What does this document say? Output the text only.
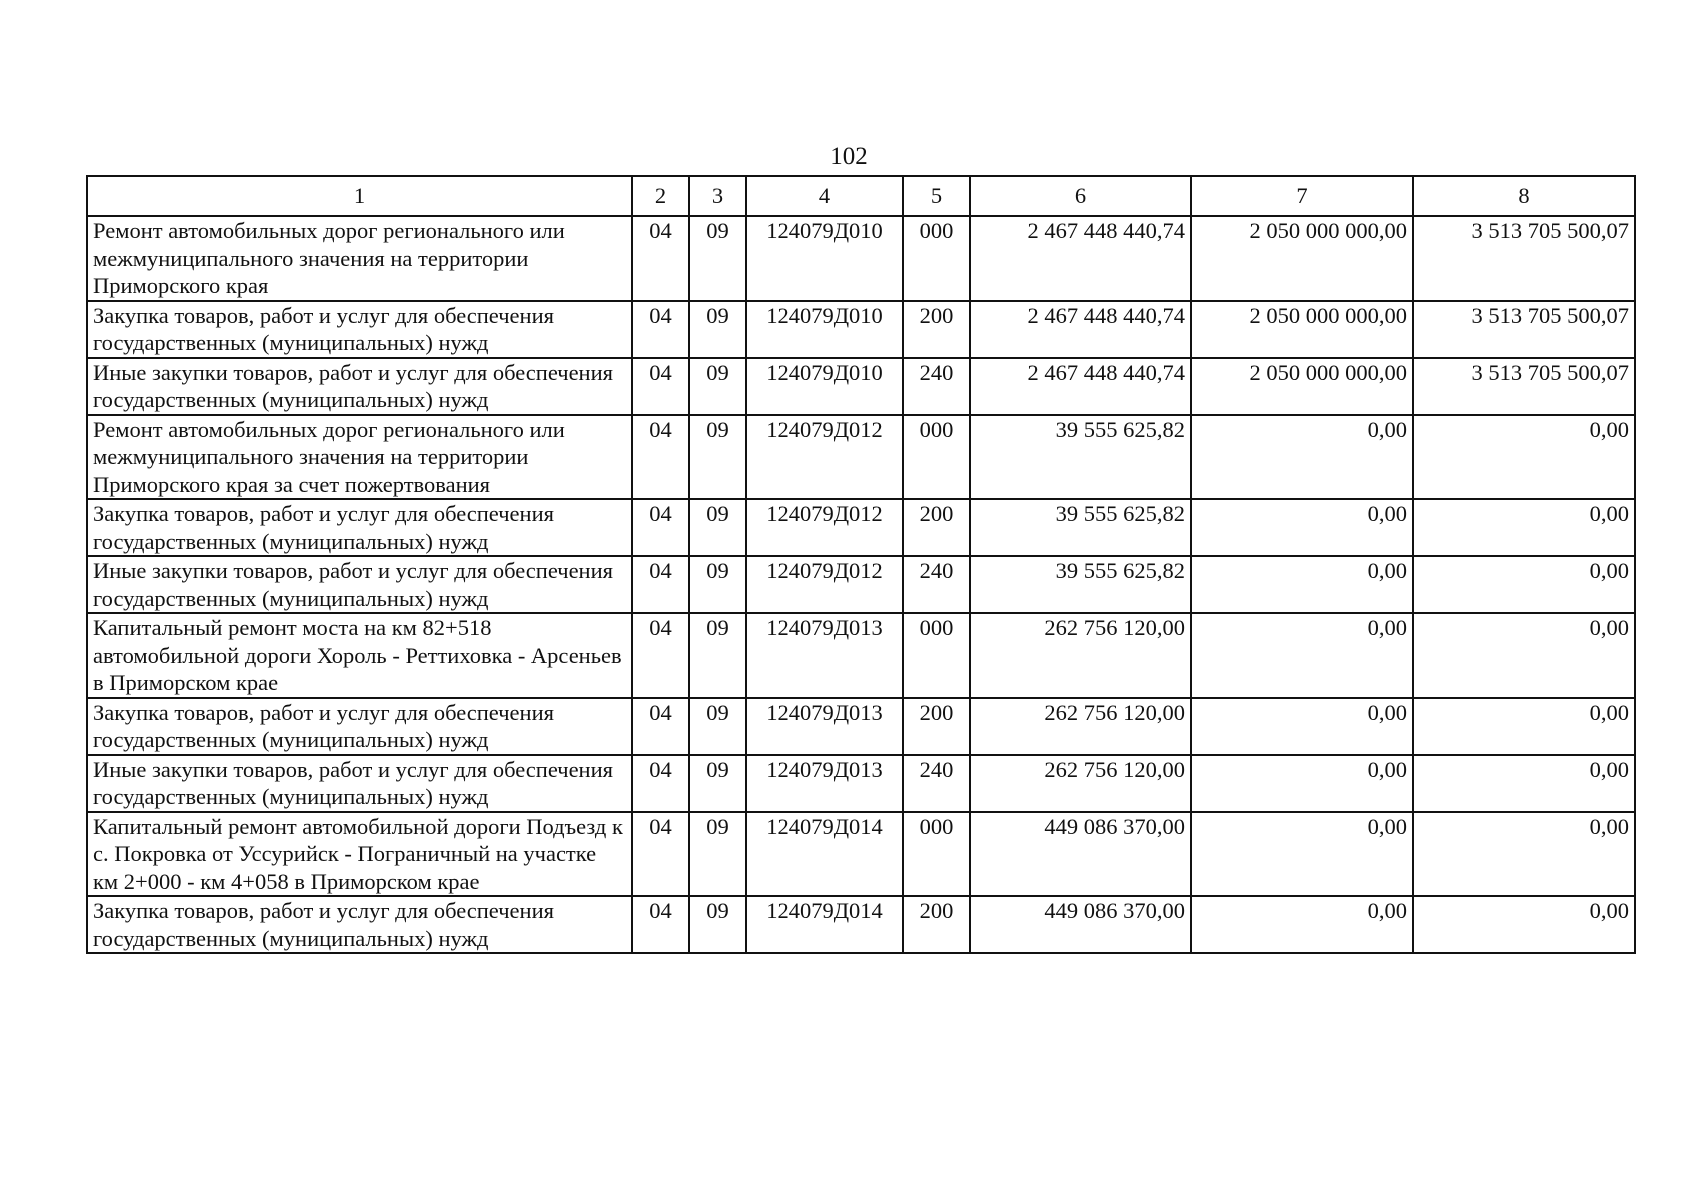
102
1	2	3	4	5	6	7	8
Ремонт автомобильных дорог регионального или межмуниципального значения на территории Приморского края	04	09	124079Д010	000	2 467 448 440,74	2 050 000 000,00	3 513 705 500,07
Закупка товаров, работ и услуг для обеспечения государственных (муниципальных) нужд	04	09	124079Д010	200	2 467 448 440,74	2 050 000 000,00	3 513 705 500,07
Иные закупки товаров, работ и услуг для обеспечения государственных (муниципальных) нужд	04	09	124079Д010	240	2 467 448 440,74	2 050 000 000,00	3 513 705 500,07
Ремонт автомобильных дорог регионального или межмуниципального значения на территории Приморского края за счет пожертвования	04	09	124079Д012	000	39 555 625,82	0,00	0,00
Закупка товаров, работ и услуг для обеспечения государственных (муниципальных) нужд	04	09	124079Д012	200	39 555 625,82	0,00	0,00
Иные закупки товаров, работ и услуг для обеспечения государственных (муниципальных) нужд	04	09	124079Д012	240	39 555 625,82	0,00	0,00
Капитальный ремонт моста на км 82+518 автомобильной дороги Хороль - Реттиховка - Арсеньев в Приморском крае	04	09	124079Д013	000	262 756 120,00	0,00	0,00
Закупка товаров, работ и услуг для обеспечения государственных (муниципальных) нужд	04	09	124079Д013	200	262 756 120,00	0,00	0,00
Иные закупки товаров, работ и услуг для обеспечения государственных (муниципальных) нужд	04	09	124079Д013	240	262 756 120,00	0,00	0,00
Капитальный ремонт автомобильной дороги Подъезд к с. Покровка от Уссурийск - Пограничный на участке км 2+000 - км 4+058 в Приморском крае	04	09	124079Д014	000	449 086 370,00	0,00	0,00
Закупка товаров, работ и услуг для обеспечения государственных (муниципальных) нужд	04	09	124079Д014	200	449 086 370,00	0,00	0,00
